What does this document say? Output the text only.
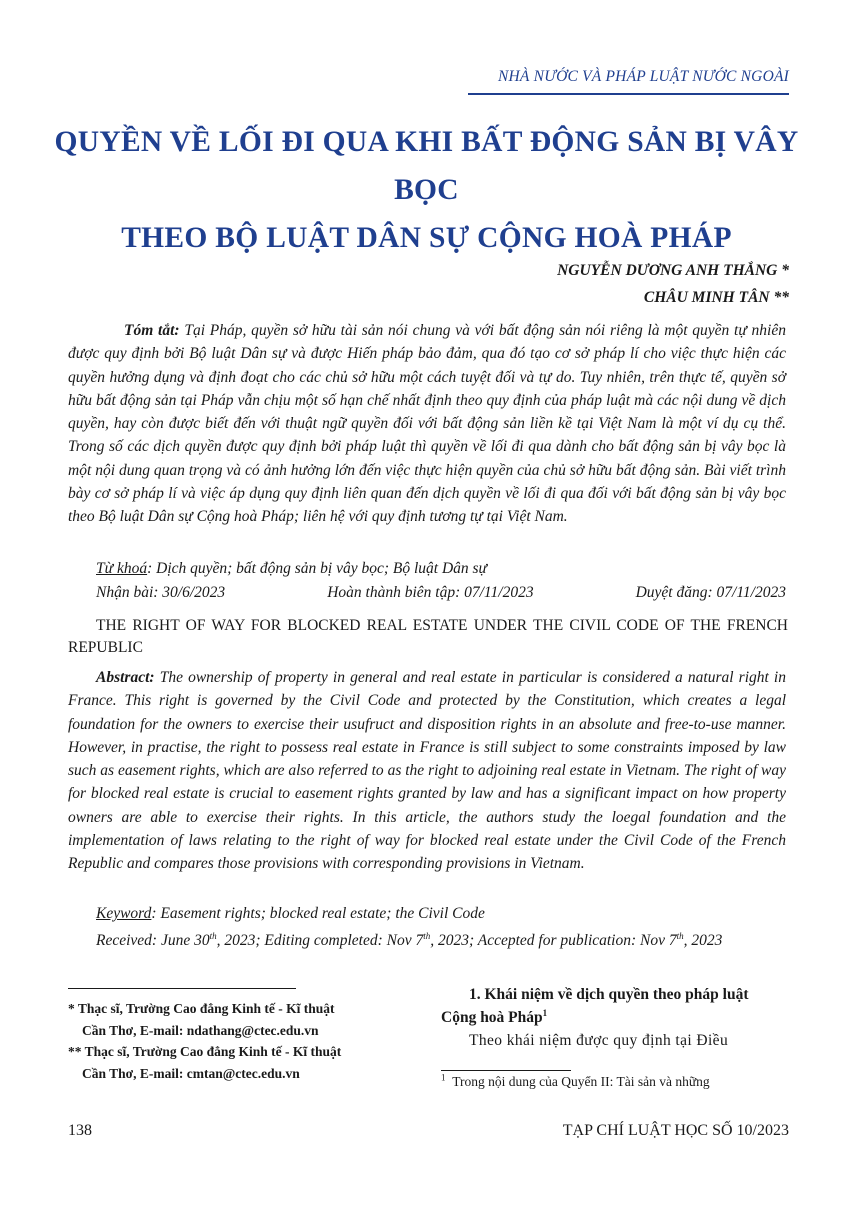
NHÀ NƯỚC VÀ PHÁP LUẬT NƯỚC NGOÀI
QUYỀN VỀ LỐI ĐI QUA KHI BẤT ĐỘNG SẢN BỊ VÂY BỌC
THEO BỘ LUẬT DÂN SỰ CỘNG HOÀ PHÁP
NGUYỄN DƯƠNG ANH THẮNG *
CHÂU MINH TÂN **
Tóm tắt: Tại Pháp, quyền sở hữu tài sản nói chung và với bất động sản nói riêng là một quyền tự nhiên được quy định bởi Bộ luật Dân sự và được Hiến pháp bảo đảm, qua đó tạo cơ sở pháp lí cho việc thực hiện các quyền hưởng dụng và định đoạt cho các chủ sở hữu một cách tuyệt đối và tự do. Tuy nhiên, trên thực tế, quyền sở hữu bất động sản tại Pháp vẫn chịu một số hạn chế nhất định theo quy định của pháp luật mà các nội dung về dịch quyền, hay còn được biết đến với thuật ngữ quyền đối với bất động sản liền kề tại Việt Nam là một ví dụ cụ thể. Trong số các dịch quyền được quy định bởi pháp luật thì quyền về lối đi qua dành cho bất động sản bị vây bọc là một nội dung quan trọng và có ảnh hưởng lớn đến việc thực hiện quyền của chủ sở hữu bất động sản. Bài viết trình bày cơ sở pháp lí và việc áp dụng quy định liên quan đến dịch quyền về lối đi qua đối với bất động sản bị vây bọc theo Bộ luật Dân sự Cộng hoà Pháp; liên hệ với quy định tương tự tại Việt Nam.
Từ khoá: Dịch quyền; bất động sản bị vây bọc; Bộ luật Dân sự
Nhận bài: 30/6/2023	Hoàn thành biên tập: 07/11/2023	Duyệt đăng: 07/11/2023
THE RIGHT OF WAY FOR BLOCKED REAL ESTATE UNDER THE CIVIL CODE OF THE FRENCH REPUBLIC
Abstract: The ownership of property in general and real estate in particular is considered a natural right in France. This right is governed by the Civil Code and protected by the Constitution, which creates a legal foundation for the owners to exercise their usufruct and disposition rights in an absolute and free-to-use manner. However, in practise, the right to possess real estate in France is still subject to some constraints imposed by law such as easement rights, which are also referred to as the right to adjoining real estate in Vietnam. The right of way for blocked real estate is crucial to easement rights granted by law and has a significant impact on how property owners are able to exercise their rights. In this article, the authors study the loegal foundation and the implementation of laws relating to the right of way for blocked real estate under the Civil Code of the French Republic and compares those provisions with corresponding provisions in Vietnam.
Keyword: Easement rights; blocked real estate; the Civil Code
Received: June 30th, 2023; Editing completed: Nov 7th, 2023; Accepted for publication: Nov 7th, 2023
* Thạc sĩ, Trường Cao đẳng Kinh tế - Kĩ thuật
Cần Thơ, E-mail: ndathang@ctec.edu.vn
** Thạc sĩ, Trường Cao đẳng Kinh tế - Kĩ thuật
Cần Thơ, E-mail: cmtan@ctec.edu.vn
1. Khái niệm về dịch quyền theo pháp luật
Cộng hoà Pháp$^1$
Theo khái niệm được quy định tại Điều
$^1$ Trong nội dung của Quyển II: Tài sản và những
138	TẠP CHÍ LUẬT HỌC SỐ 10/2023
